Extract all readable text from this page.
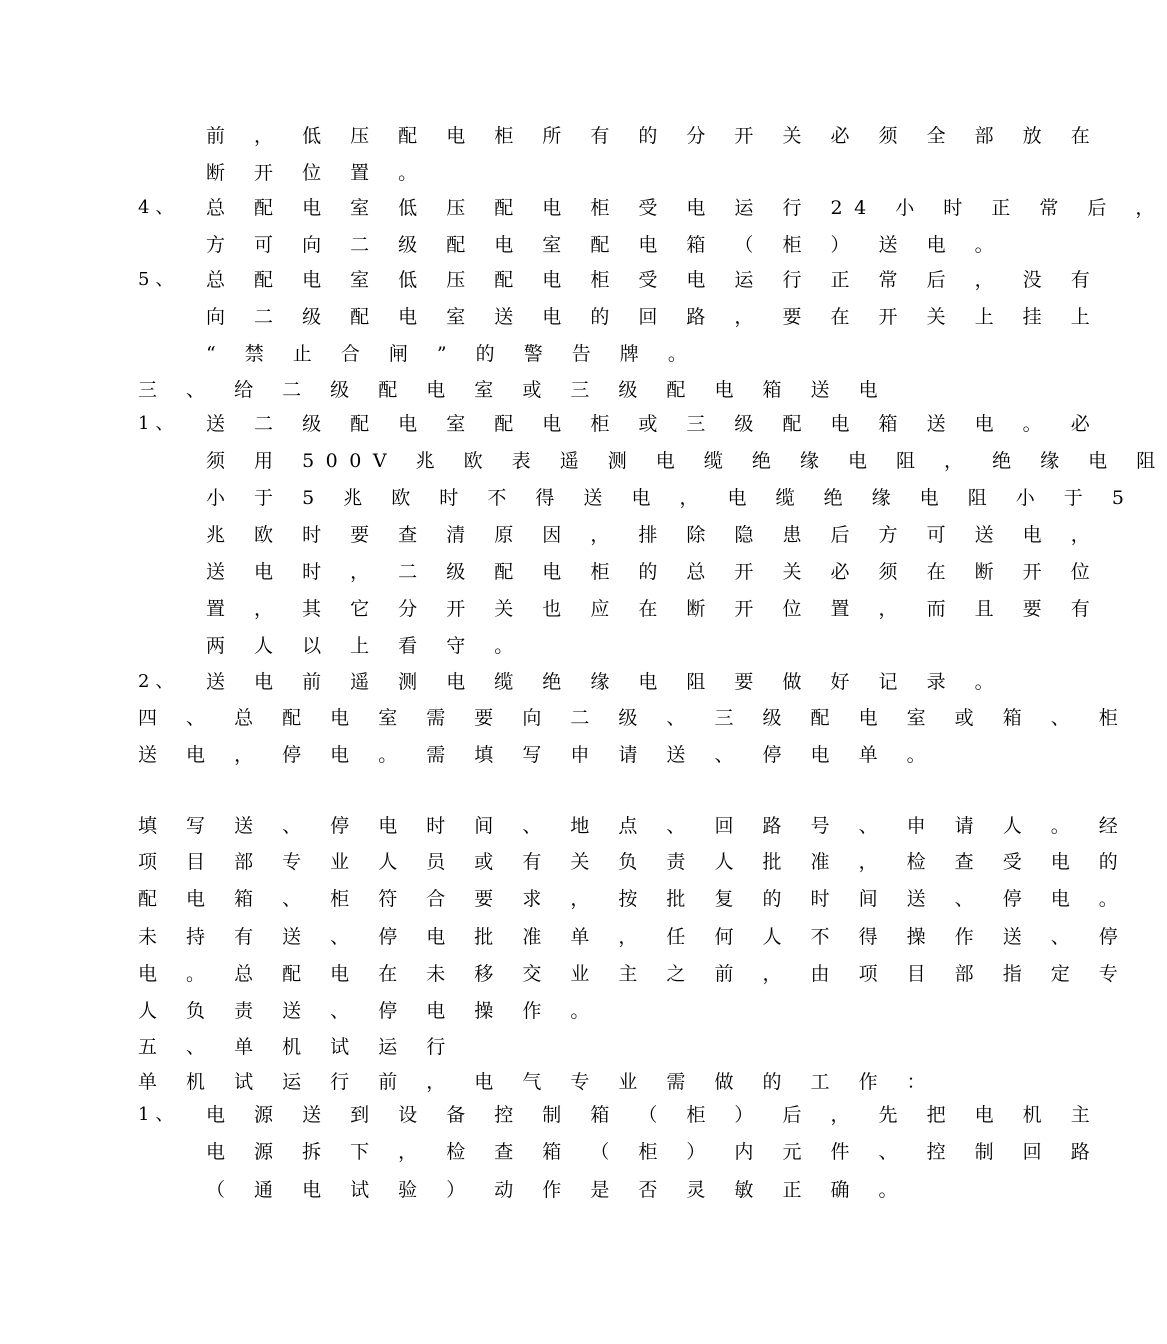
前 ， 低 压 配 电 柜 所 有 的 分 开 关 必 须 全 部 放 在
断 开 位 置 。
4、 总 配 电 室 低 压 配 电 柜 受 电 运 行 24 小 时 正 常 后 ，
方 可 向 二 级 配 电 室 配 电 箱 （ 柜 ） 送 电 。
5、 总 配 电 室 低 压 配 电 柜 受 电 运 行 正 常 后 ， 没 有
向 二 级 配 电 室 送 电 的 回 路 ， 要 在 开 关 上 挂 上
“ 禁 止 合 闸 ” 的 警 告 牌 。
三 、 给 二 级 配 电 室 或 三 级 配 电 箱 送 电
1、 送 二 级 配 电 室 配 电 柜 或 三 级 配 电 箱 送 电 。 必
须 用 500V 兆 欧 表 遥 测 电 缆 绝 缘 电 阻 ， 绝 缘 电 阻
小 于 5 兆 欧 时 不 得 送 电 ， 电 缆 绝 缘 电 阻 小 于 5
兆 欧 时 要 查 清 原 因 ， 排 除 隐 患 后 方 可 送 电 ，
送 电 时 ， 二 级 配 电 柜 的 总 开 关 必 须 在 断 开 位
置 ， 其 它 分 开 关 也 应 在 断 开 位 置 ， 而 且 要 有
两 人 以 上 看 守 。
2、 送 电 前 遥 测 电 缆 绝 缘 电 阻 要 做 好 记 录 。
四 、 总 配 电 室 需 要 向 二 级 、 三 级 配 电 室 或 箱 、 柜
送 电 ， 停 电 。 需 填 写 申 请 送 、 停 电 单 。
填 写 送 、 停 电 时 间 、 地 点 、 回 路 号 、 申 请 人 。 经
项 目 部 专 业 人 员 或 有 关 负 责 人 批 准 ， 检 查 受 电 的
配 电 箱 、 柜 符 合 要 求 ， 按 批 复 的 时 间 送 、 停 电 。
未 持 有 送 、 停 电 批 准 单 ， 任 何 人 不 得 操 作 送 、 停
电 。 总 配 电 在 未 移 交 业 主 之 前 ， 由 项 目 部 指 定 专
人 负 责 送 、 停 电 操 作 。
五 、 单 机 试 运 行
单 机 试 运 行 前 ， 电 气 专 业 需 做 的 工 作 ：
1、 电 源 送 到 设 备 控 制 箱 （ 柜 ） 后 ， 先 把 电 机 主
电 源 拆 下 ， 检 查 箱 （ 柜 ） 内 元 件 、 控 制 回 路
（ 通 电 试 验 ） 动 作 是 否 灵 敏 正 确 。
